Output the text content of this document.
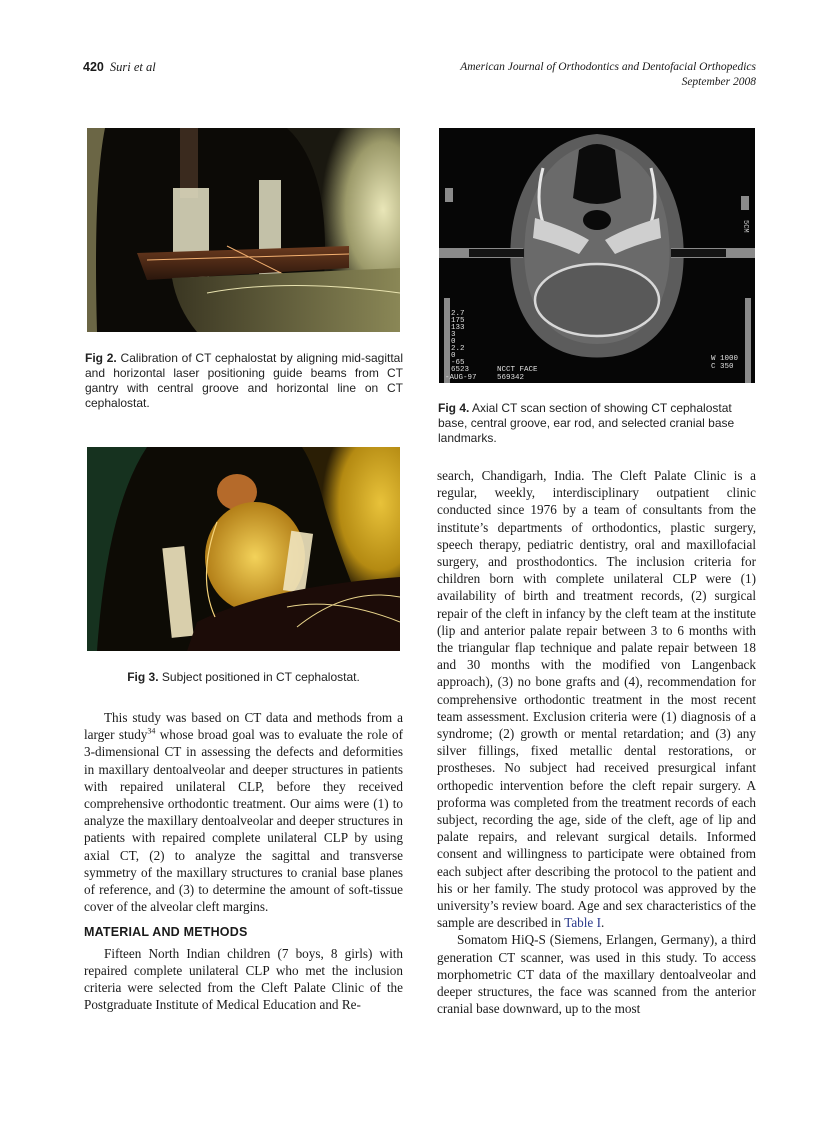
420 Suri et al	American Journal of Orthodontics and Dentofacial Orthopedics
September 2008
Fig 2. Calibration of CT cephalostat by aligning mid-sagittal and horizontal laser positioning guide beams from CT gantry with central groove and horizontal line on CT cephalostat.
2.7
175
133
3
0
2.2
0
-65
6523
-AUG-97
NCCT FACE
569342
W 1000
C 350
5CM
Fig 4. Axial CT scan section of showing CT cephalostat base, central groove, ear rod, and selected cranial base landmarks.
Fig 3. Subject positioned in CT cephalostat.

This study was based on CT data and methods from a larger study$^{34}$ whose broad goal was to evaluate the role of 3-dimensional CT in assessing the defects and deformities in maxillary dentoalveolar and deeper structures in patients with repaired unilateral CLP, before they received comprehensive orthodontic treatment. Our aims were (1) to analyze the maxillary dentoalveolar and deeper structures in patients with repaired complete unilateral CLP by using axial CT, (2) to analyze the sagittal and transverse symmetry of the maxillary structures to cranial base planes of reference, and (3) to determine the amount of soft-tissue cover of the alveolar cleft margins.

MATERIAL AND METHODS

Fifteen North Indian children (7 boys, 8 girls) with repaired complete unilateral CLP who met the inclusion criteria were selected from the Cleft Palate Clinic of the Postgraduate Institute of Medical Education and Re-

search, Chandigarh, India. The Cleft Palate Clinic is a regular, weekly, interdisciplinary outpatient clinic conducted since 1976 by a team of consultants from the institute’s departments of orthodontics, plastic surgery, speech therapy, pediatric dentistry, oral and maxillofacial surgery, and prosthodontics. The inclusion criteria for children born with complete unilateral CLP were (1) availability of birth and treatment records, (2) surgical repair of the cleft in infancy by the cleft team at the institute (lip and anterior palate repair between 3 to 6 months with the triangular flap technique and palate repair between 18 and 30 months with the modified von Langenback approach), (3) no bone grafts and (4), recommendation for comprehensive orthodontic treatment in the most recent team assessment. Exclusion criteria were (1) diagnosis of a syndrome; (2) growth or mental retardation; and (3) any silver fillings, fixed metallic dental restorations, or prostheses. No subject had received presurgical infant orthopedic intervention before the cleft repair surgery. A proforma was completed from the treatment records of each subject, recording the age, side of the cleft, age of lip and palate repairs, and relevant surgical details. Informed consent and willingness to participate were obtained from each subject after describing the protocol to the patient and his or her family. The study protocol was approved by the university’s review board. Age and sex characteristics of the sample are described in Table I.

Somatom HiQ-S (Siemens, Erlangen, Germany), a third generation CT scanner, was used in this study. To access morphometric CT data of the maxillary dentoalveolar and deeper structures, the face was scanned from the anterior cranial base downward, up to the most
